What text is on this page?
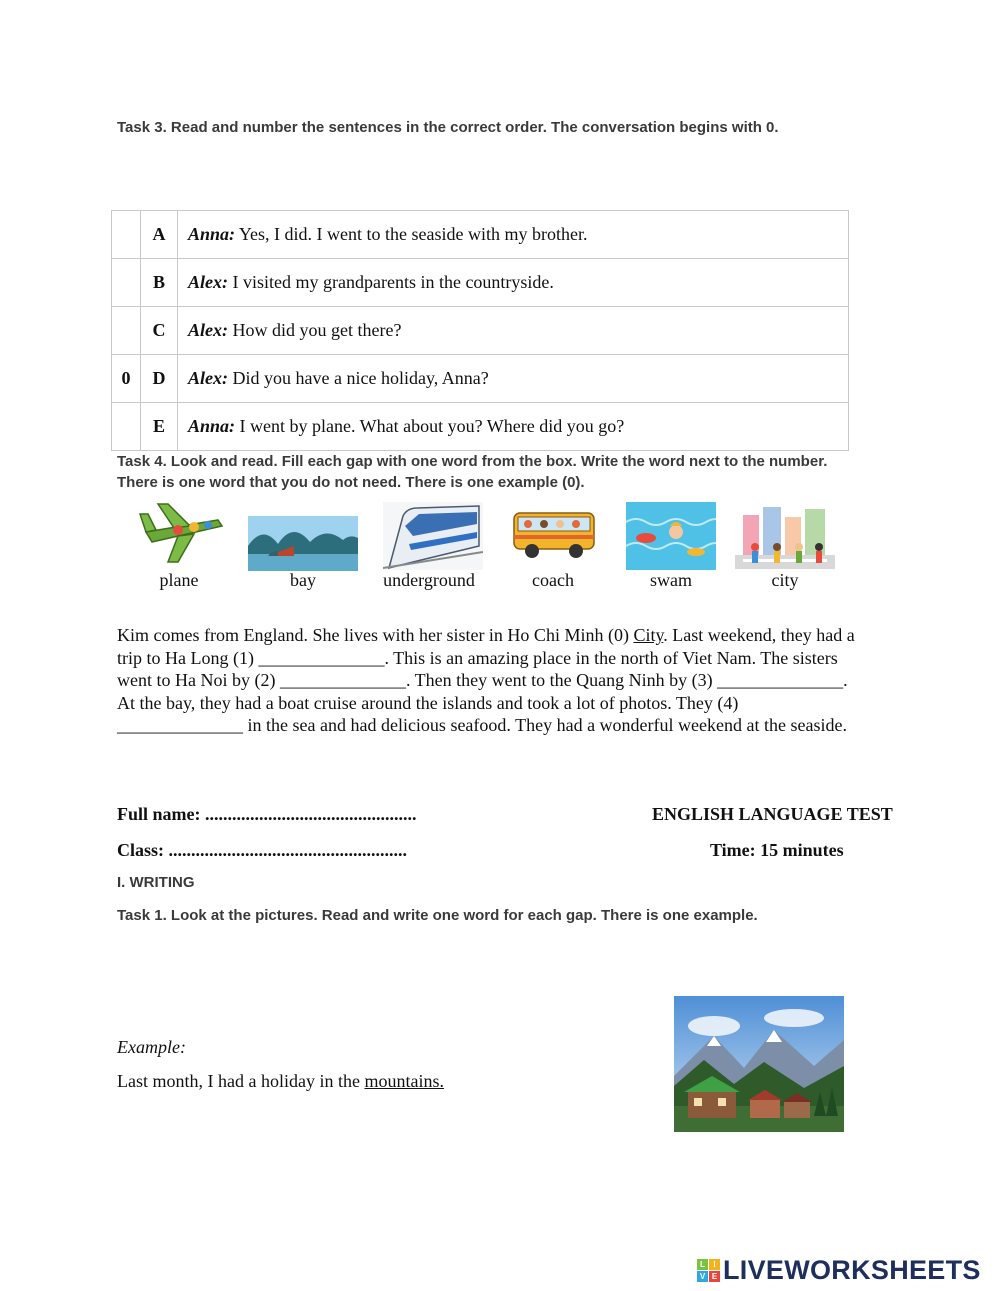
Task 3. Read and number the sentences in the correct order. The conversation begins with 0.
	A	Anna: Yes, I did. I went to the seaside with my brother.
	B	Alex: I visited my grandparents in the countryside.
	C	Alex: How did you get there?
0	D	Alex: Did you have a nice holiday, Anna?
	E	Anna: I went by plane. What about you? Where did you go?
Task 4. Look and read. Fill each gap with one word from the box. Write the word next to the number. There is one word that you do not need. There is one example (0).
plane	bay	underground	coach	swam	city
Kim comes from England. She lives with her sister in Ho Chi Minh (0) City. Last weekend, they had a trip to Ha Long (1) ______________. This is an amazing place in the north of Viet Nam. The sisters went to Ha Noi by (2) ______________. Then they went to the Quang Ninh by (3) ______________. At the bay, they had a boat cruise around the islands and took a lot of photos. They (4) ______________ in the sea and had delicious seafood. They had a wonderful weekend at the seaside.
Full name: ...............................................	ENGLISH LANGUAGE TEST
Class: .....................................................	Time: 15 minutes
I. WRITING
Task 1. Look at the pictures. Read and write one word for each gap. There is one example.
Example:
Last month, I had a holiday in the mountains.
L	I
V E LIVEWORKSHEETS
